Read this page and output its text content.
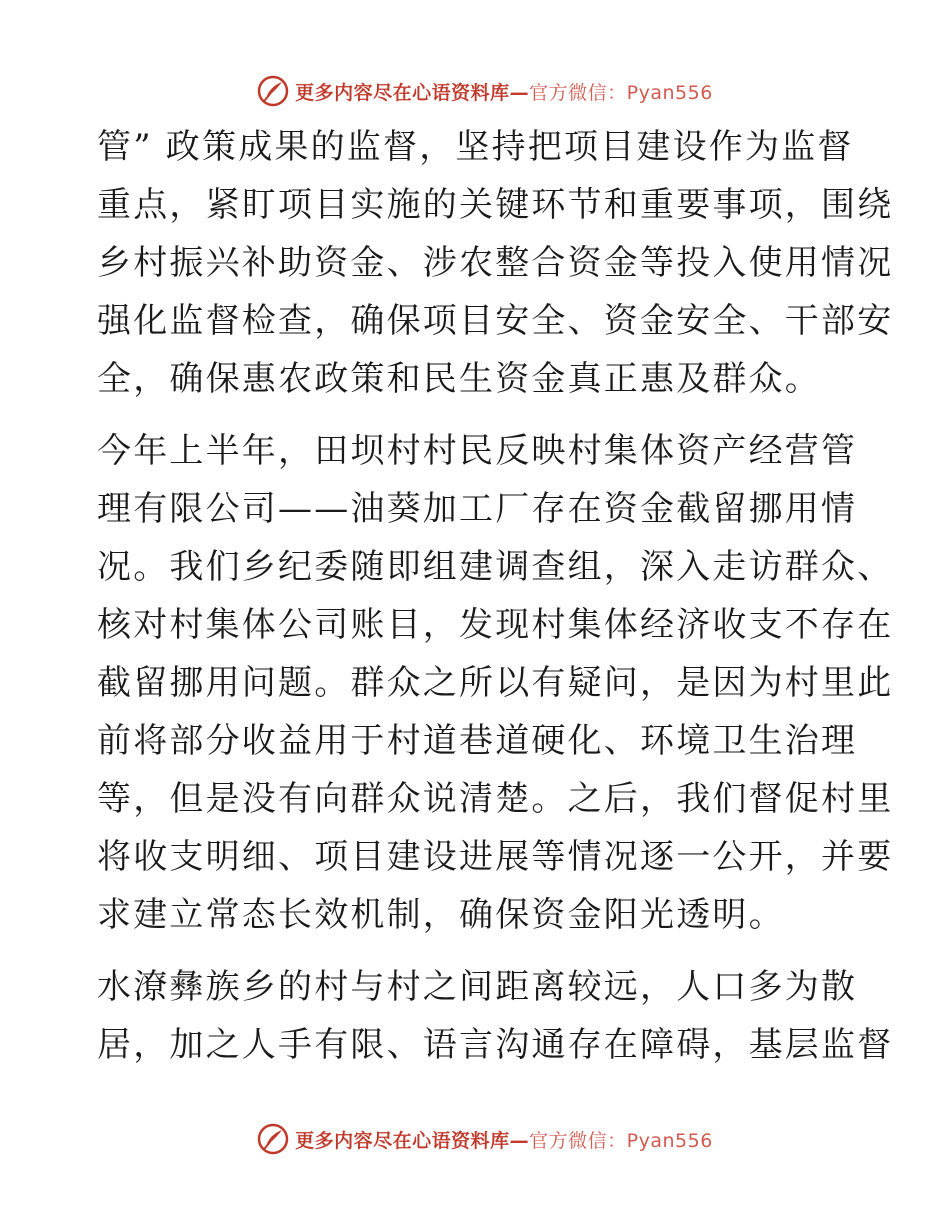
更多内容尽在心语资料库—官方微信：Pyan556
管” 政策成果的监督，坚持把项目建设作为监督
重点，紧盯项目实施的关键环节和重要事项，围绕
乡村振兴补助资金、涉农整合资金等投入使用情况
强化监督检查，确保项目安全、资金安全、干部安
全，确保惠农政策和民生资金真正惠及群众。
今年上半年，田坝村村民反映村集体资产经营管
理有限公司——油葵加工厂存在资金截留挪用情
况。我们乡纪委随即组建调查组，深入走访群众、
核对村集体公司账目，发现村集体经济收支不存在
截留挪用问题。群众之所以有疑问，是因为村里此
前将部分收益用于村道巷道硬化、环境卫生治理
等，但是没有向群众说清楚。之后，我们督促村里
将收支明细、项目建设进展等情况逐一公开，并要
求建立常态长效机制，确保资金阳光透明。
水潦彝族乡的村与村之间距离较远，人口多为散
居，加之人手有限、语言沟通存在障碍，基层监督
更多内容尽在心语资料库—官方微信：Pyan556
